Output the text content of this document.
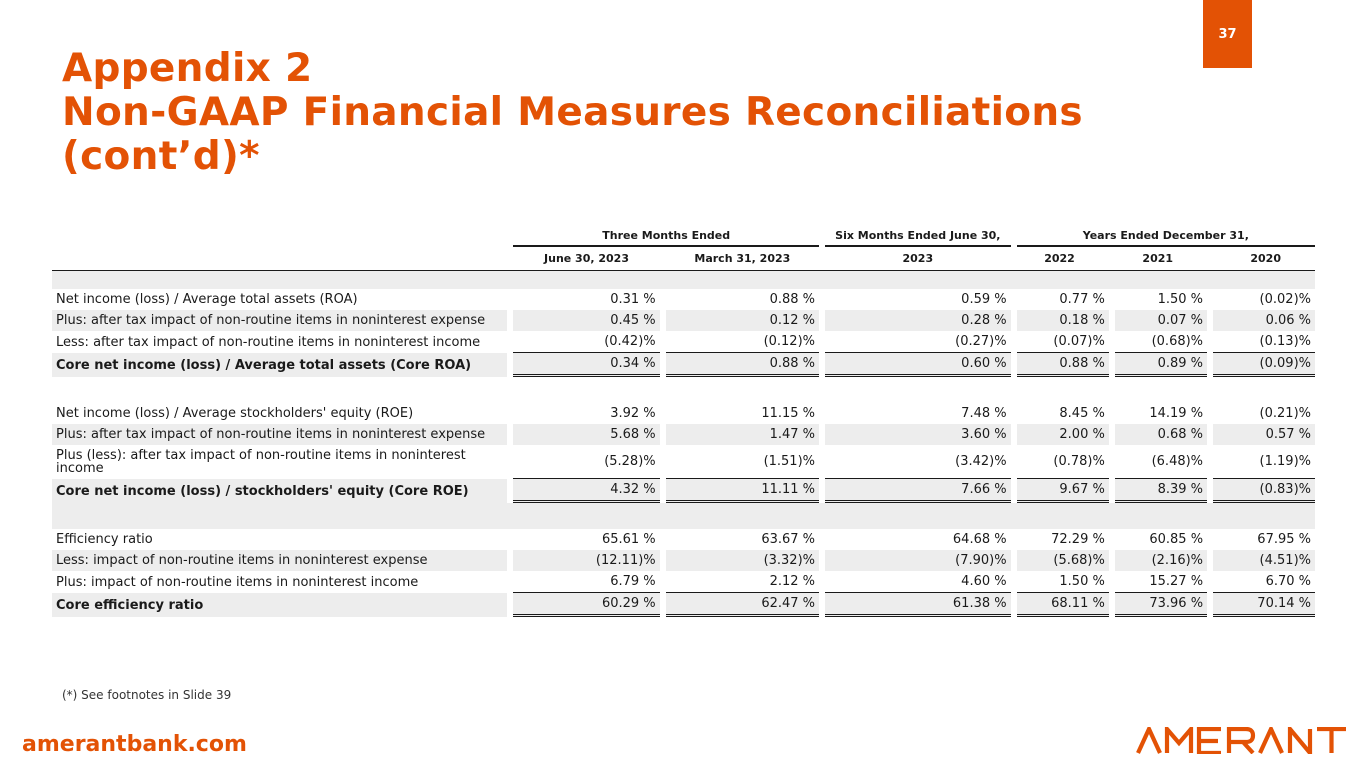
37
Appendix 2
Non-GAAP Financial Measures Reconciliations
(cont’d)*
	Three Months Ended		Six Months Ended June 30,	Years Ended December 31,		
	June 30, 2023	March 31, 2023	2023	2022	2021	2020

Net income (loss) / Average total assets (ROA)	0.31 %	0.88 %	0.59 %	0.77 %	1.50 %	(0.02)%
Plus: after tax impact of non-routine items in noninterest expense	0.45 %	0.12 %	0.28 %	0.18 %	0.07 %	0.06 %
Less: after tax impact of non-routine items in noninterest income	(0.42)%	(0.12)%	(0.27)%	(0.07)%	(0.68)%	(0.13)%
Core net income (loss) / Average total assets (Core ROA)	0.34 %	0.88 %	0.60 %	0.88 %	0.89 %	(0.09)%

Net income (loss) / Average stockholders' equity (ROE)	3.92 %	11.15 %	7.48 %	8.45 %	14.19 %	(0.21)%
Plus: after tax impact of non-routine items in noninterest expense	5.68 %	1.47 %	3.60 %	2.00 %	0.68 %	0.57 %
Plus (less): after tax impact of non-routine items in noninterest income	(5.28)%	(1.51)%	(3.42)%	(0.78)%	(6.48)%	(1.19)%
Core net income (loss) / stockholders' equity (Core ROE)	4.32 %	11.11 %	7.66 %	9.67 %	8.39 %	(0.83)%

Efficiency ratio	65.61 %	63.67 %	64.68 %	72.29 %	60.85 %	67.95 %
Less: impact of non-routine items in noninterest expense	(12.11)%	(3.32)%	(7.90)%	(5.68)%	(2.16)%	(4.51)%
Plus: impact of non-routine items in noninterest income	6.79 %	2.12 %	4.60 %	1.50 %	15.27 %	6.70 %
Core efficiency ratio	60.29 %	62.47 %	61.38 %	68.11 %	73.96 %	70.14 %
(*) See footnotes in Slide 39
amerantbank.com
